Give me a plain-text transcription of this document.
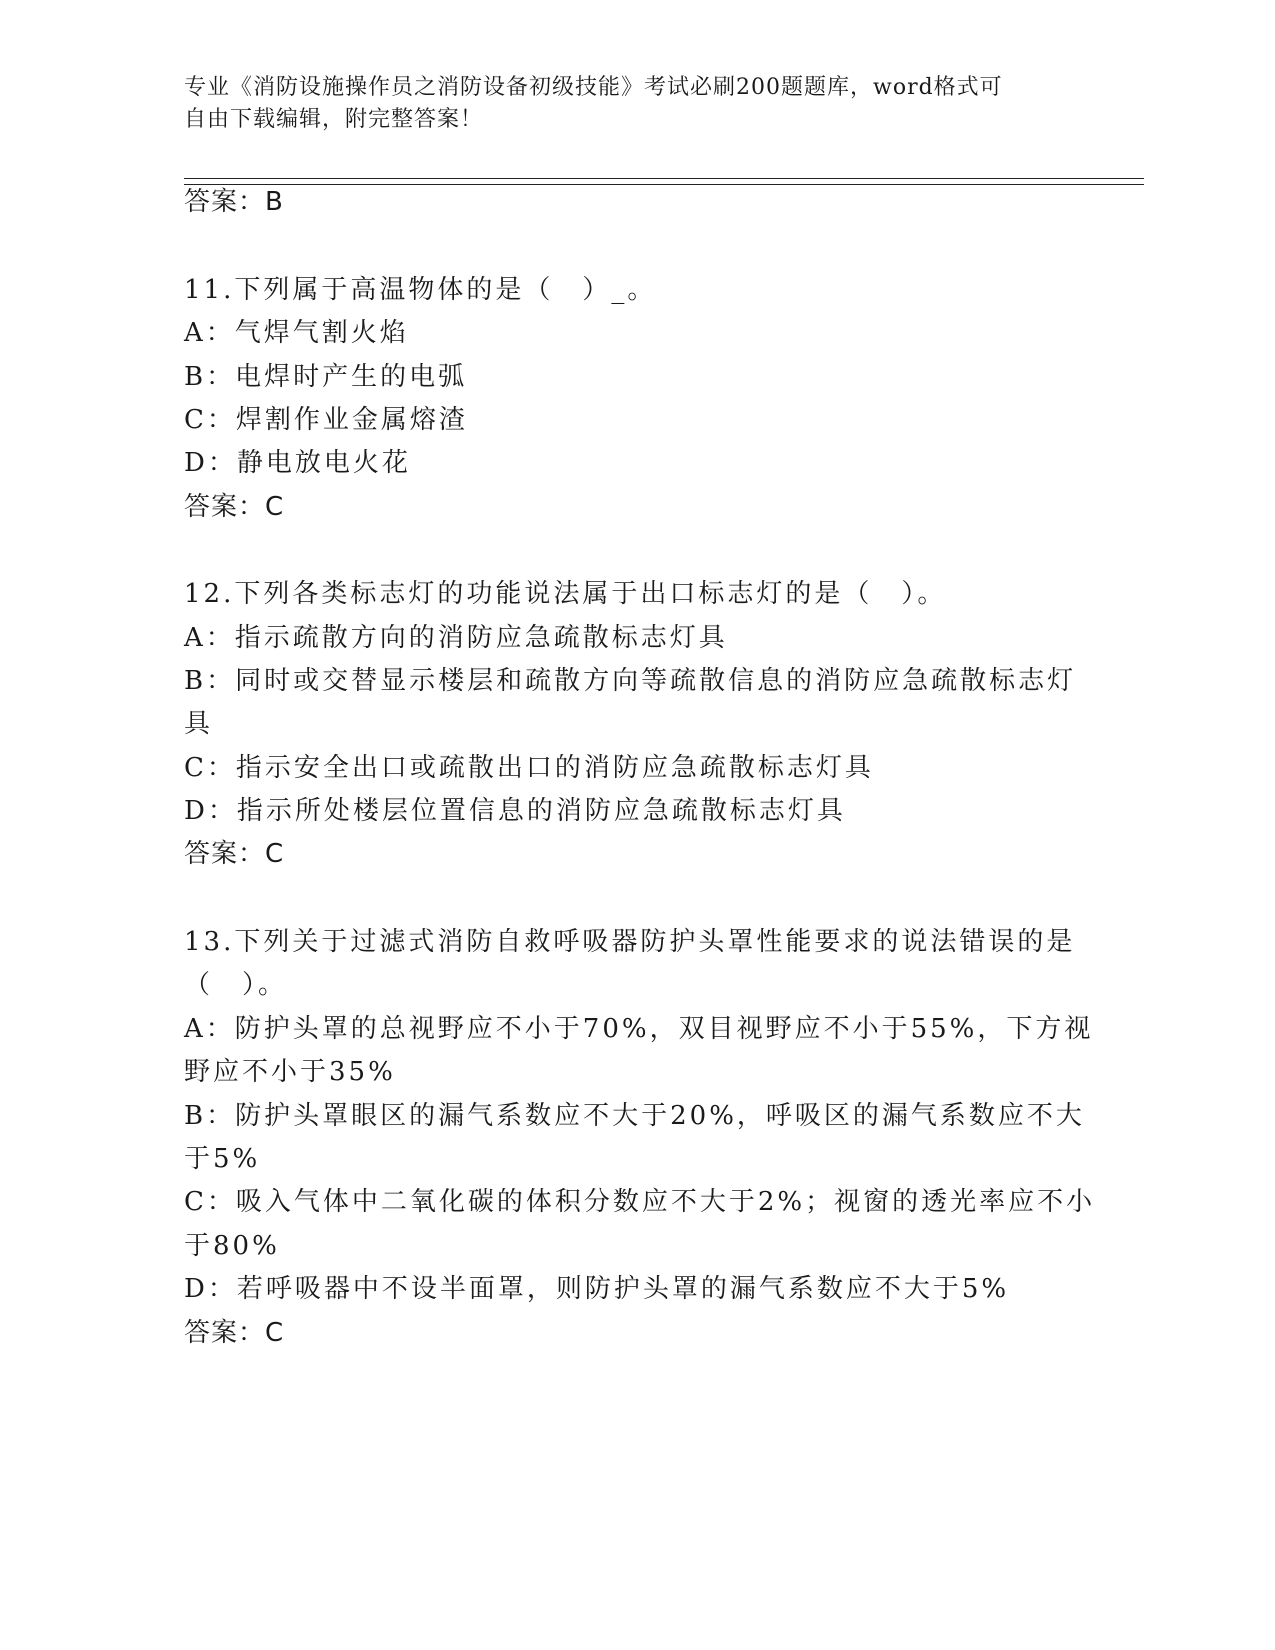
专业《消防设施操作员之消防设备初级技能》考试必刷200题题库，word格式可
自由下载编辑，附完整答案！
答案：B
11.下列属于高温物体的是（　）_。
A：气焊气割火焰
B：电焊时产生的电弧
C：焊割作业金属熔渣
D：静电放电火花
答案：C
12.下列各类标志灯的功能说法属于出口标志灯的是（　）。
A：指示疏散方向的消防应急疏散标志灯具
B：同时或交替显示楼层和疏散方向等疏散信息的消防应急疏散标志灯
具
C：指示安全出口或疏散出口的消防应急疏散标志灯具
D：指示所处楼层位置信息的消防应急疏散标志灯具
答案：C
13.下列关于过滤式消防自救呼吸器防护头罩性能要求的说法错误的是
（　）。
A：防护头罩的总视野应不小于70%，双目视野应不小于55%，下方视
野应不小于35%
B：防护头罩眼区的漏气系数应不大于20%，呼吸区的漏气系数应不大
于5%
C：吸入气体中二氧化碳的体积分数应不大于2%；视窗的透光率应不小
于80%
D：若呼吸器中不设半面罩，则防护头罩的漏气系数应不大于5%
答案：C
